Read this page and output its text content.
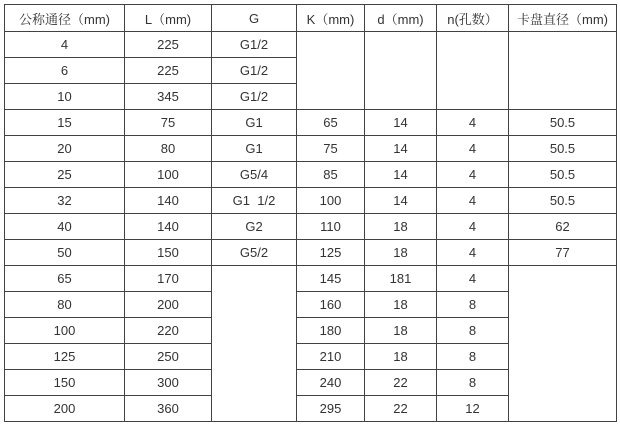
公称通径（mm)	L（mm)	G	K（mm)	d（mm)	n(孔数）	卡盘直径（mm)
4	225	G1/2				
6	225	G1/2				
10	345	G1/2				
15	75	G1	65	14	4	50.5
20	80	G1	75	14	4	50.5
25	100	G5/4	85	14	4	50.5
32	140	G1  1/2	100	14	4	50.5
40	140	G2	110	18	4	62
50	150	G5/2	125	18	4	77
65	170		145	181	4	
80	200		160	18	8	
100	220		180	18	8	
125	250		210	18	8	
150	300		240	22	8	
200	360		295	22	12	
